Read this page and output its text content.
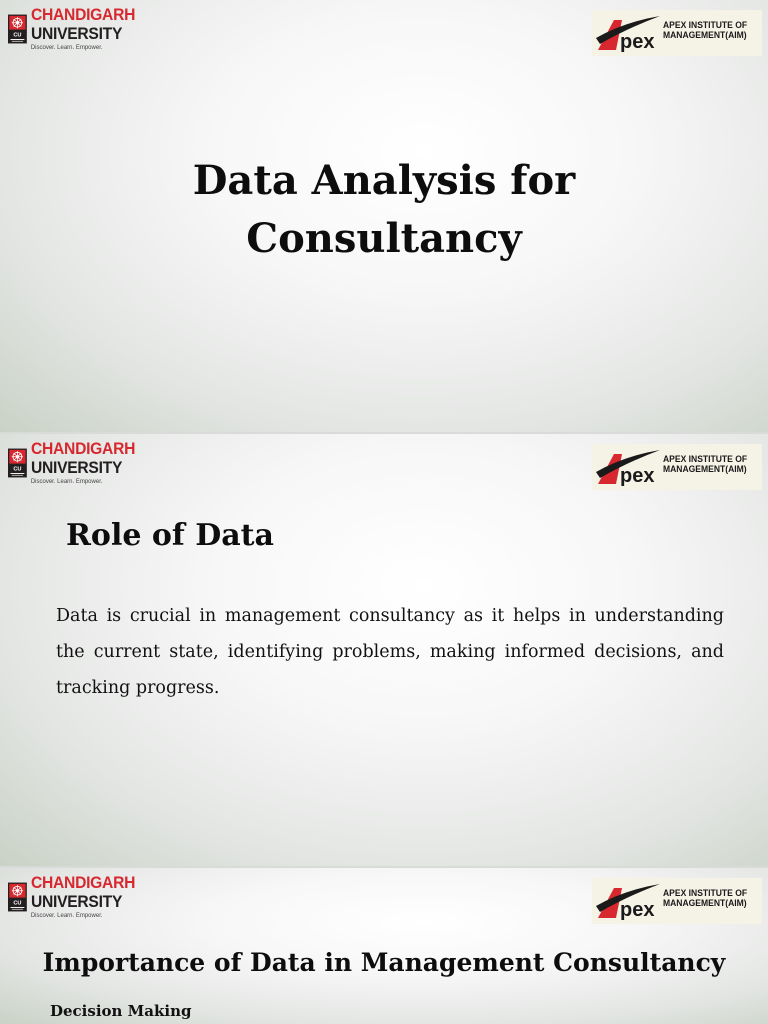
CU
CHANDIGARH
UNIVERSITY
Discover. Learn. Empower.	pex
APEX INSTITUTE OF
MANAGEMENT(AIM)
Data Analysis for
Consultancy
CU
CHANDIGARH
UNIVERSITY
Discover. Learn. Empower.	pex
APEX INSTITUTE OF
MANAGEMENT(AIM)
Role of Data

Data is crucial in management consultancy as it helps in understanding the current state, identifying problems, making informed decisions, and tracking progress.

CU
CHANDIGARH
UNIVERSITY
Discover. Learn. Empower.	pex
APEX INSTITUTE OF
MANAGEMENT(AIM)
Importance of Data in Management Consultancy
Decision Making
